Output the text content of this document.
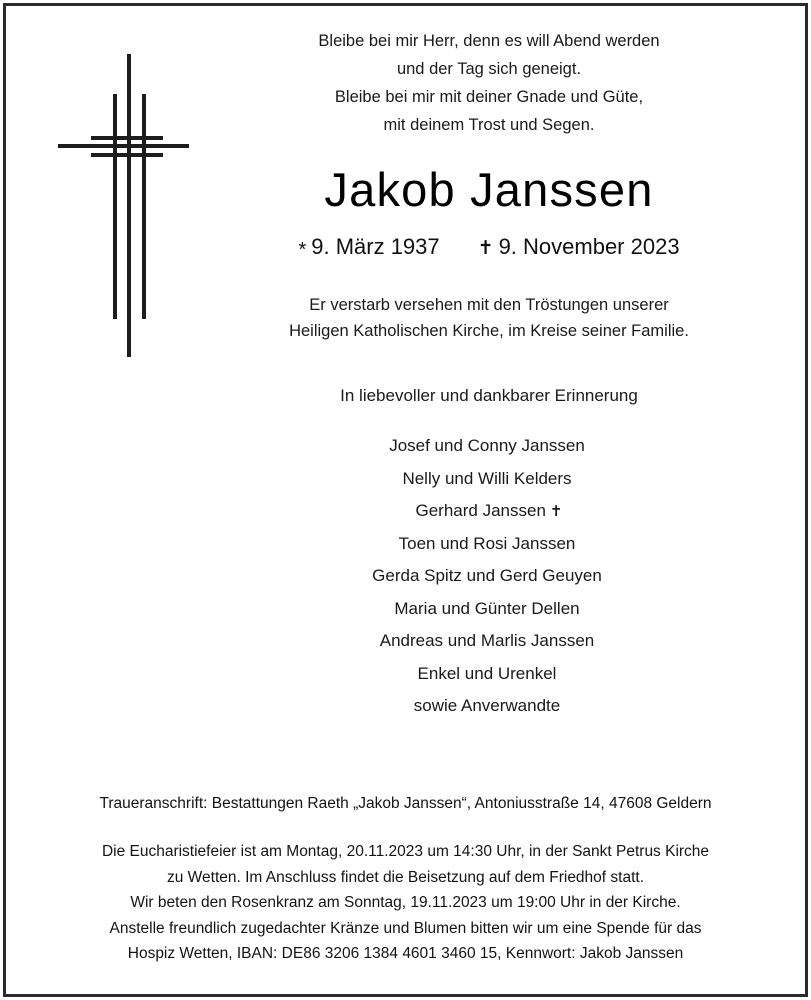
Bleibe bei mir Herr, denn es will Abend werden
und der Tag sich geneigt.
Bleibe bei mir mit deiner Gnade und Güte,
mit deinem Trost und Segen.
Jakob Janssen
* 9. März 1937 ✝ 9. November 2023
Er verstarb versehen mit den Tröstungen unserer
Heiligen Katholischen Kirche, im Kreise seiner Familie.
In liebevoller und dankbarer Erinnerung
Josef und Conny Janssen
Nelly und Willi Kelders
Gerhard Janssen ✝
Toen und Rosi Janssen
Gerda Spitz und Gerd Geuyen
Maria und Günter Dellen
Andreas und Marlis Janssen
Enkel und Urenkel
sowie Anverwandte
Traueranschrift: Bestattungen Raeth „Jakob Janssen“, Antoniusstraße 14, 47608 Geldern
Die Eucharistiefeier ist am Montag, 20.11.2023 um 14:30 Uhr, in der Sankt Petrus Kirche
zu Wetten. Im Anschluss findet die Beisetzung auf dem Friedhof statt.
Wir beten den Rosenkranz am Sonntag, 19.11.2023 um 19:00 Uhr in der Kirche.
Anstelle freundlich zugedachter Kränze und Blumen bitten wir um eine Spende für das
Hospiz Wetten, IBAN: DE86 3206 1384 4601 3460 15, Kennwort: Jakob Janssen
